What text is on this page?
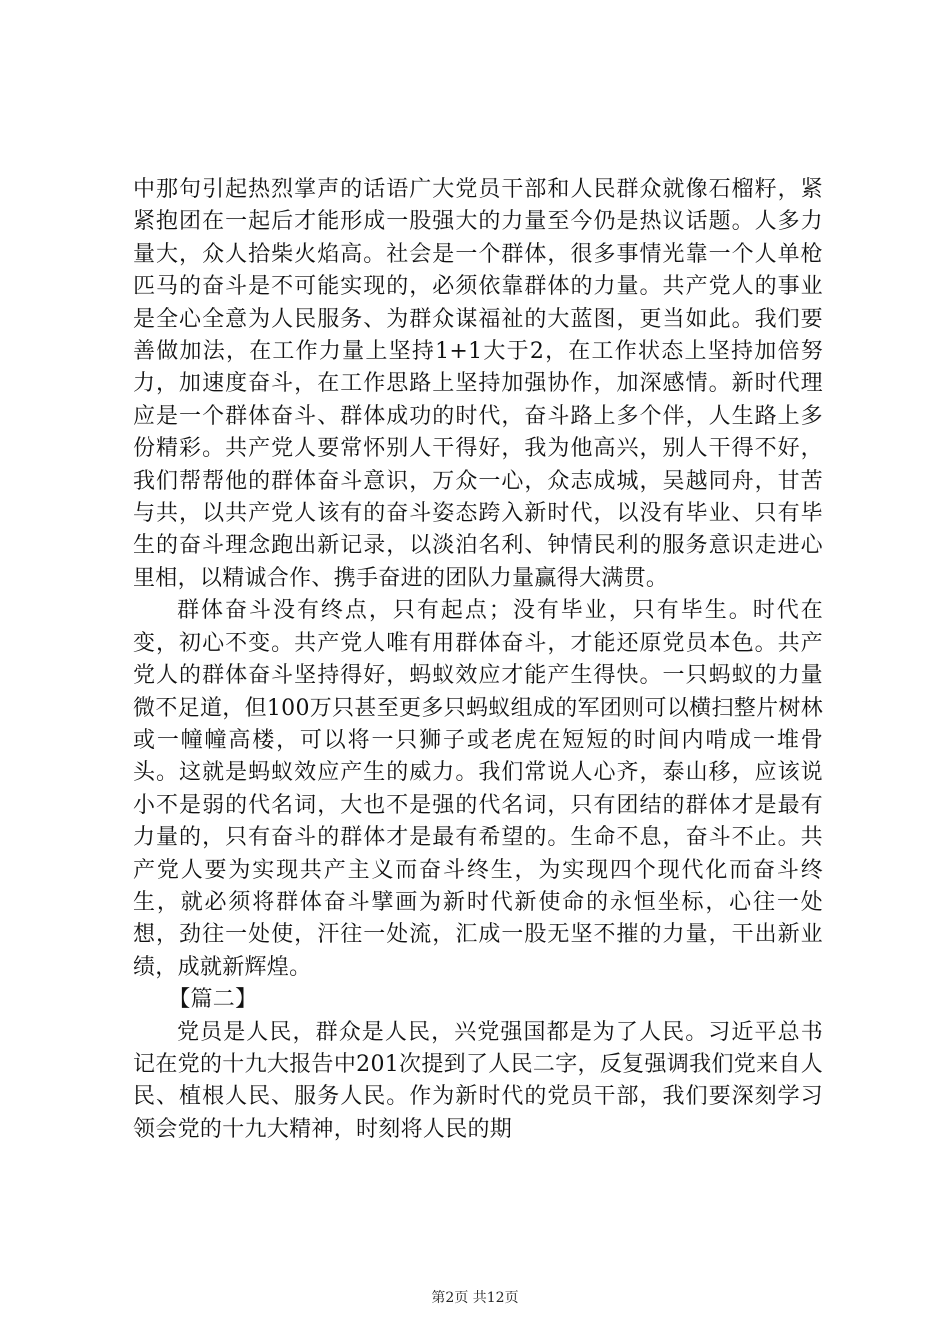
中那句引起热烈掌声的话语广大党员干部和人民群众就像石榴籽，紧紧抱团在一起后才能形成一股强大的力量至今仍是热议话题。人多力量大，众人拾柴火焰高。社会是一个群体，很多事情光靠一个人单枪匹马的奋斗是不可能实现的，必须依靠群体的力量。共产党人的事业是全心全意为人民服务、为群众谋福祉的大蓝图，更当如此。我们要善做加法，在工作力量上坚持1+1大于2，在工作状态上坚持加倍努力，加速度奋斗，在工作思路上坚持加强协作，加深感情。新时代理应是一个群体奋斗、群体成功的时代，奋斗路上多个伴，人生路上多份精彩。共产党人要常怀别人干得好，我为他高兴，别人干得不好，我们帮帮他的群体奋斗意识，万众一心，众志成城，吴越同舟，甘苦与共，以共产党人该有的奋斗姿态跨入新时代，以没有毕业、只有毕生的奋斗理念跑出新记录，以淡泊名利、钟情民利的服务意识走进心里相，以精诚合作、携手奋进的团队力量赢得大满贯。

群体奋斗没有终点，只有起点；没有毕业，只有毕生。时代在变，初心不变。共产党人唯有用群体奋斗，才能还原党员本色。共产党人的群体奋斗坚持得好，蚂蚁效应才能产生得快。一只蚂蚁的力量微不足道，但100万只甚至更多只蚂蚁组成的军团则可以横扫整片树林或一幢幢高楼，可以将一只狮子或老虎在短短的时间内啃成一堆骨头。这就是蚂蚁效应产生的威力。我们常说人心齐，泰山移，应该说小不是弱的代名词，大也不是强的代名词，只有团结的群体才是最有力量的，只有奋斗的群体才是最有希望的。生命不息，奋斗不止。共产党人要为实现共产主义而奋斗终生，为实现四个现代化而奋斗终生，就必须将群体奋斗擘画为新时代新使命的永恒坐标，心往一处想，劲往一处使，汗往一处流，汇成一股无坚不摧的力量，干出新业绩，成就新辉煌。

【篇二】

党员是人民，群众是人民，兴党强国都是为了人民。习近平总书记在党的十九大报告中201次提到了人民二字，反复强调我们党来自人民、植根人民、服务人民。作为新时代的党员干部，我们要深刻学习领会党的十九大精神，时刻将人民的期

第2页 共12页
